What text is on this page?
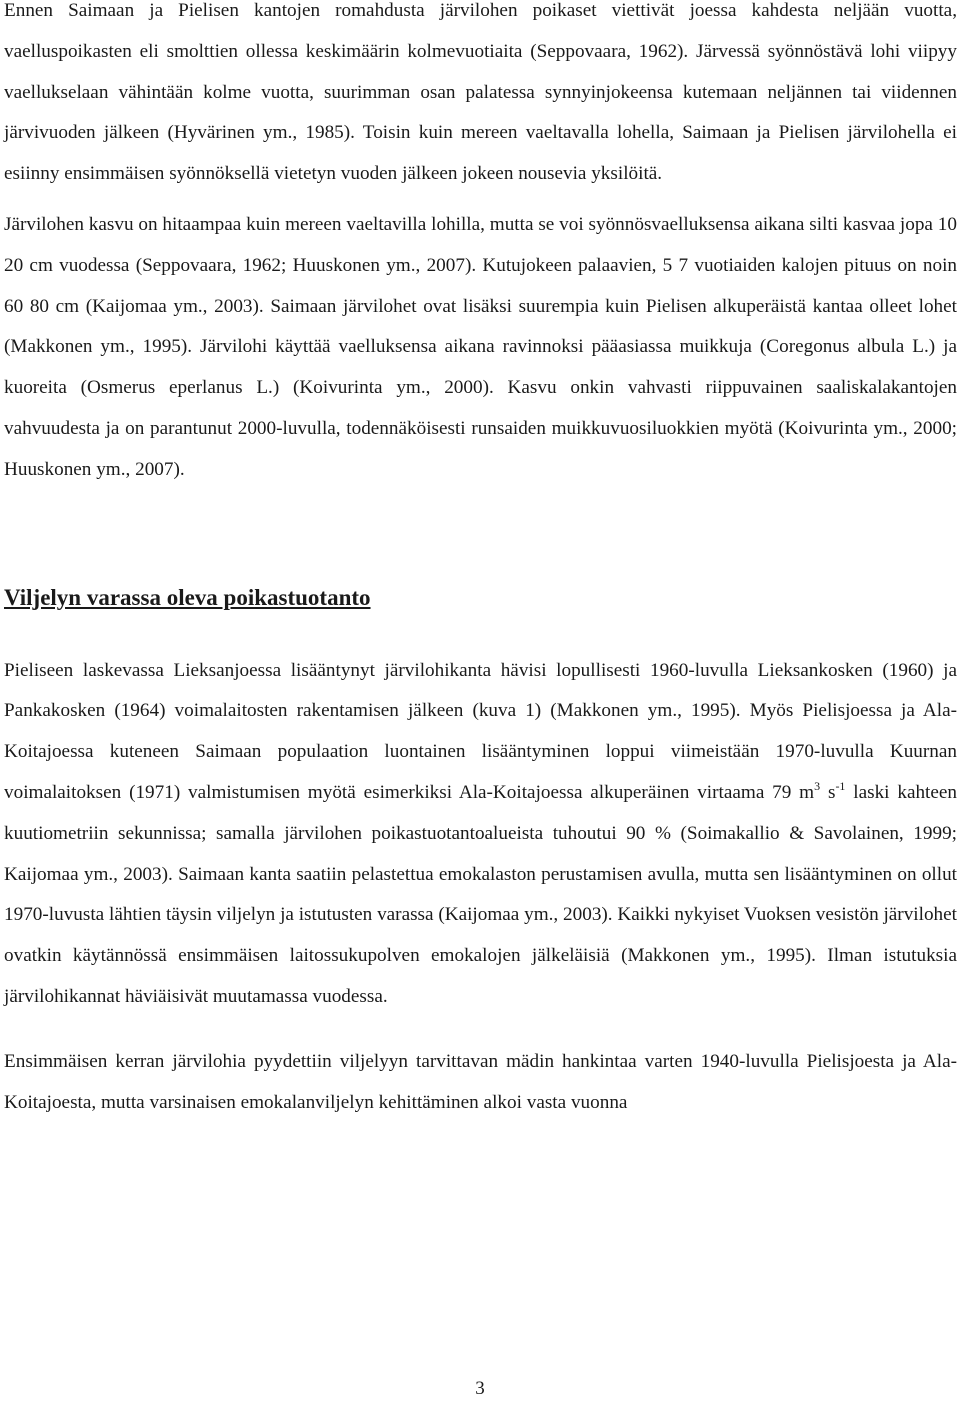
Ennen Saimaan ja Pielisen kantojen romahdusta järvilohen poikaset viettivät joessa kahdesta neljään vuotta, vaelluspoikasten eli smolttien ollessa keskimäärin kolmevuotiaita (Seppovaara, 1962). Järvessä syönnöstävä lohi viipyy vaellukselaan vähintään kolme vuotta, suurimman osan palatessa synnyinjokeensa kutemaan neljännen tai viidennen järvivuoden jälkeen (Hyvärinen ym., 1985). Toisin kuin mereen vaeltavalla lohella, Saimaan ja Pielisen järvilohella ei esiinny ensimmäisen syönnöksellä vietetyn vuoden jälkeen jokeen nousevia yksilöitä.

Järvilohen kasvu on hitaampaa kuin mereen vaeltavilla lohilla, mutta se voi syönnösvaelluksensa aikana silti kasvaa jopa 10 20 cm vuodessa (Seppovaara, 1962; Huuskonen ym., 2007). Kutujokeen palaavien, 5 7 vuotiaiden kalojen pituus on noin 60 80 cm (Kaijomaa ym., 2003). Saimaan järvilohet ovat lisäksi suurempia kuin Pielisen alkuperäistä kantaa olleet lohet (Makkonen ym., 1995). Järvilohi käyttää vaelluksensa aikana ravinnoksi pääasiassa muikkuja (Coregonus albula L.) ja kuoreita (Osmerus eperlanus L.) (Koivurinta ym., 2000). Kasvu onkin vahvasti riippuvainen saaliskalakantojen vahvuudesta ja on parantunut 2000-luvulla, todennäköisesti runsaiden muikkuvuosiluokkien myötä (Koivurinta ym., 2000; Huuskonen ym., 2007).

Viljelyn varassa oleva poikastuotanto

Pieliseen laskevassa Lieksanjoessa lisääntynyt järvilohikanta hävisi lopullisesti 1960-luvulla Lieksankosken (1960) ja Pankakosken (1964) voimalaitosten rakentamisen jälkeen (kuva 1) (Makkonen ym., 1995). Myös Pielisjoessa ja Ala-Koitajoessa kuteneen Saimaan populaation luontainen lisääntyminen loppui viimeistään 1970-luvulla Kuurnan voimalaitoksen (1971) valmistumisen myötä esimerkiksi Ala-Koitajoessa alkuperäinen virtaama 79 $m^3$ $s^{-1}$ laski kahteen kuutiometriin sekunnissa; samalla järvilohen poikastuotantoalueista tuhoutui 90 % (Soimakallio & Savolainen, 1999; Kaijomaa ym., 2003). Saimaan kanta saatiin pelastettua emokalaston perustamisen avulla, mutta sen lisääntyminen on ollut 1970-luvusta lähtien täysin viljelyn ja istutusten varassa (Kaijomaa ym., 2003). Kaikki nykyiset Vuoksen vesistön järvilohet ovatkin käytännössä ensimmäisen laitossukupolven emokalojen jälkeläisiä (Makkonen ym., 1995). Ilman istutuksia järvilohikannat häviäisivät muutamassa vuodessa.

Ensimmäisen kerran järvilohia pyydettiin viljelyyn tarvittavan mädin hankintaa varten 1940-luvulla Pielisjoesta ja Ala-Koitajoesta, mutta varsinaisen emokalanviljelyn kehittäminen alkoi vasta vuonna

3
